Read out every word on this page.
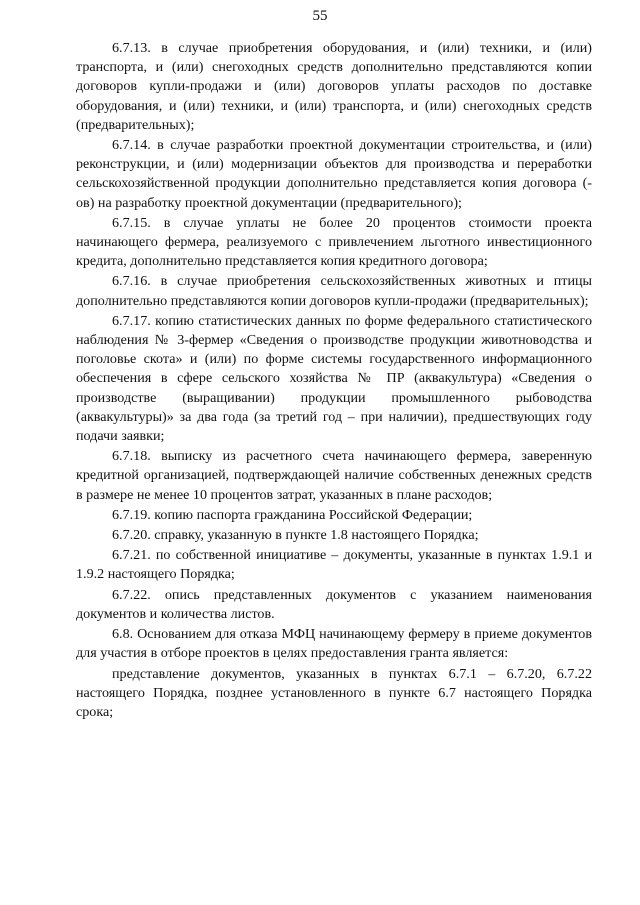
55

6.7.13. в случае приобретения оборудования, и (или) техники, и (или) транспорта, и (или) снегоходных средств дополнительно представляются копии договоров купли-продажи и (или) договоров уплаты расходов по доставке оборудования, и (или) техники, и (или) транспорта, и (или) снегоходных средств (предварительных);

6.7.14. в случае разработки проектной документации строительства, и (или) реконструкции, и (или) модернизации объектов для производства и переработки сельскохозяйственной продукции дополнительно представляется копия договора (-ов) на разработку проектной документации (предварительного);

6.7.15. в случае уплаты не более 20 процентов стоимости проекта начинающего фермера, реализуемого с привлечением льготного инвестиционного кредита, дополнительно представляется копия кредитного договора;

6.7.16. в случае приобретения сельскохозяйственных животных и птицы дополнительно представляются копии договоров купли-продажи (предварительных);

6.7.17. копию статистических данных по форме федерального статистического наблюдения № 3-фермер «Сведения о производстве продукции животноводства и поголовье скота» и (или) по форме системы государственного информационного обеспечения в сфере сельского хозяйства № ПР (аквакультура) «Сведения о производстве (выращивании) продукции промышленного рыбоводства (аквакультуры)» за два года (за третий год – при наличии), предшествующих году подачи заявки;

6.7.18. выписку из расчетного счета начинающего фермера, заверенную кредитной организацией, подтверждающей наличие собственных денежных средств в размере не менее 10 процентов затрат, указанных в плане расходов;

6.7.19. копию паспорта гражданина Российской Федерации;

6.7.20. справку, указанную в пункте 1.8 настоящего Порядка;

6.7.21. по собственной инициативе – документы, указанные в пунктах 1.9.1 и 1.9.2 настоящего Порядка;

6.7.22. опись представленных документов с указанием наименования документов и количества листов.

6.8. Основанием для отказа МФЦ начинающему фермеру в приеме документов для участия в отборе проектов в целях предоставления гранта является:

представление документов, указанных в пунктах 6.7.1 – 6.7.20, 6.7.22 настоящего Порядка, позднее установленного в пункте 6.7 настоящего Порядка срока;
